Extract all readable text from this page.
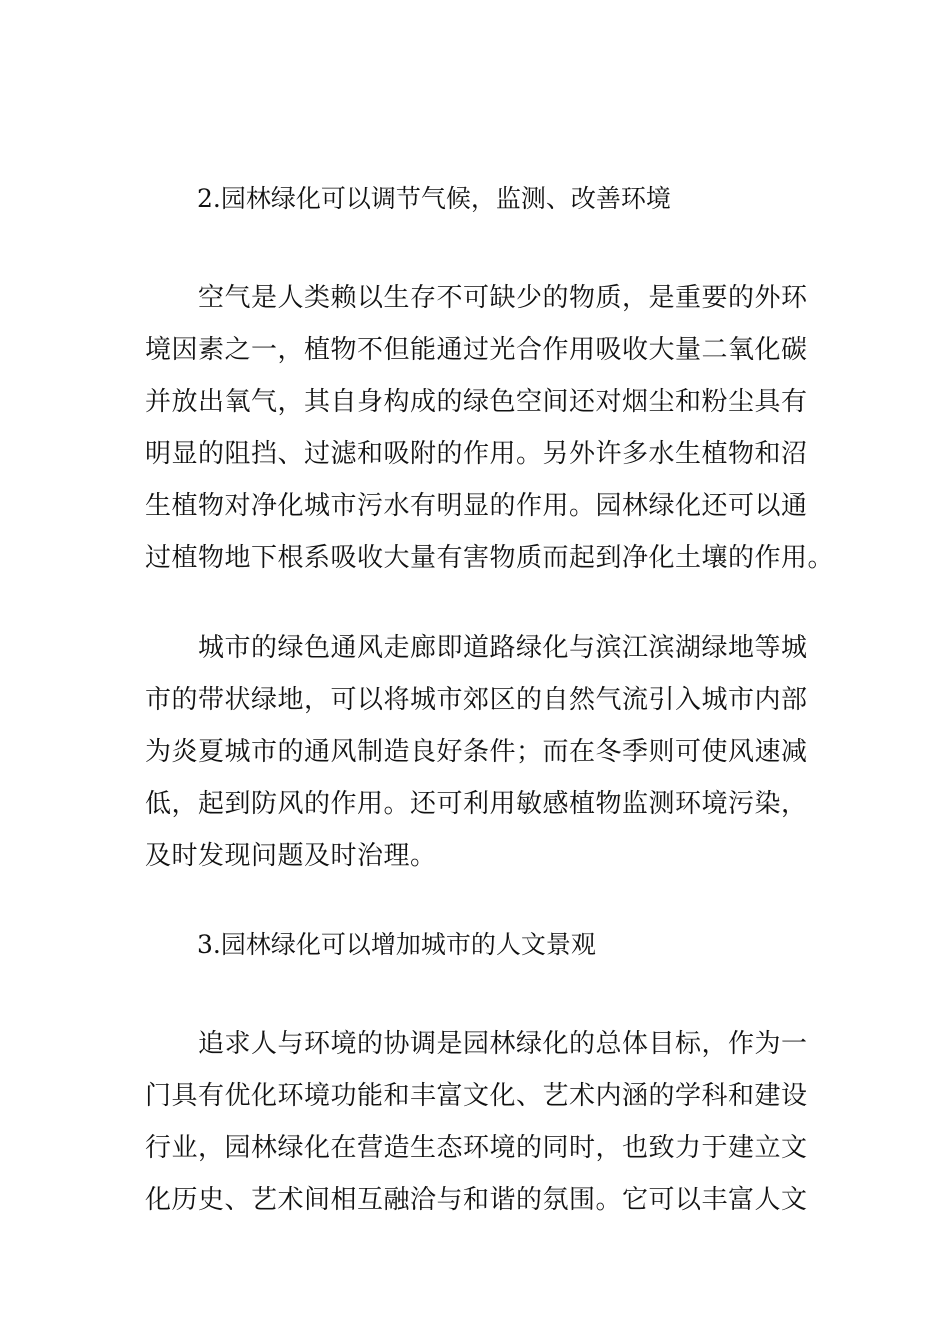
2.园林绿化可以调节气候，监测、改善环境
空气是人类赖以生存不可缺少的物质，是重要的外环
境因素之一，植物不但能通过光合作用吸收大量二氧化碳
并放出氧气，其自身构成的绿色空间还对烟尘和粉尘具有
明显的阻挡、过滤和吸附的作用。另外许多水生植物和沼
生植物对净化城市污水有明显的作用。园林绿化还可以通
过植物地下根系吸收大量有害物质而起到净化土壤的作用。
城市的绿色通风走廊即道路绿化与滨江滨湖绿地等城
市的带状绿地，可以将城市郊区的自然气流引入城市内部
为炎夏城市的通风制造良好条件；而在冬季则可使风速减
低，起到防风的作用。还可利用敏感植物监测环境污染，
及时发现问题及时治理。
3.园林绿化可以增加城市的人文景观
追求人与环境的协调是园林绿化的总体目标，作为一
门具有优化环境功能和丰富文化、艺术内涵的学科和建设
行业，园林绿化在营造生态环境的同时，也致力于建立文
化历史、艺术间相互融洽与和谐的氛围。它可以丰富人文
